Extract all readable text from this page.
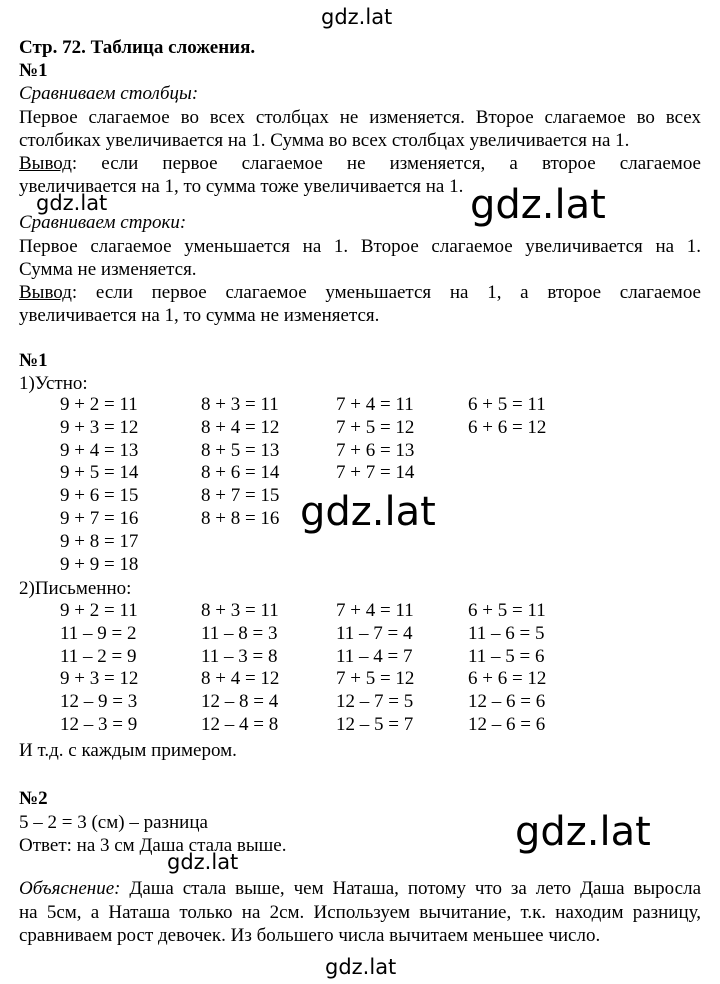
gdz.lat
gdz.lat
gdz.lat
gdz.lat
Стр. 72. Таблица сложения.
№1
Сравниваем столбцы:
Первое слагаемое во всех столбцах не изменяется. Второе слагаемое во всех
столбиках увеличивается на 1. Сумма во всех столбцах увеличивается на 1.
Вывод: если первое слагаемое не изменяется, а второе слагаемое
увеличивается на 1, то сумма тоже увеличивается на 1.
Сравниваем строки:
Первое слагаемое уменьшается на 1. Второе слагаемое увеличивается на 1.
Сумма не изменяется.
Вывод: если первое слагаемое уменьшается на 1, а второе слагаемое
увеличивается на 1, то сумма не изменяется.
№1
1)Устно:
9 + 2 = 11	8 + 3 = 11	7 + 4 = 11	6 + 5 = 11
9 + 3 = 12	8 + 4 = 12	7 + 5 = 12	6 + 6 = 12
9 + 4 = 13	8 + 5 = 13	7 + 6 = 13
9 + 5 = 14	8 + 6 = 14	7 + 7 = 14
9 + 6 = 15	8 + 7 = 15
9 + 7 = 16	8 + 8 = 16
9 + 8 = 17
9 + 9 = 18
2)Письменно:
9 + 2 = 11	8 + 3 = 11	7 + 4 = 11	6 + 5 = 11
11 – 9 = 2	11 – 8 = 3	11 – 7 = 4	11 – 6 = 5
11 – 2 = 9	11 – 3 = 8	11 – 4 = 7	11 – 5 = 6
9 + 3 = 12	8 + 4 = 12	7 + 5 = 12	6 + 6 = 12
12 – 9 = 3	12 – 8 = 4	12 – 7 = 5	12 – 6 = 6
12 – 3 = 9	12 – 4 = 8	12 – 5 = 7	12 – 6 = 6
И т.д. с каждым примером.
№2
5 – 2 = 3 (см) – разница
Ответ: на 3 см Даша стала выше.
Объяснение: Даша стала выше, чем Наташа, потому что за лето Даша выросла
на 5см, а Наташа только на 2см. Используем вычитание, т.к. находим разницу,
сравниваем рост девочек. Из большего числа вычитаем меньшее число.
gdz.lat
gdz.lat
gdz.lat
